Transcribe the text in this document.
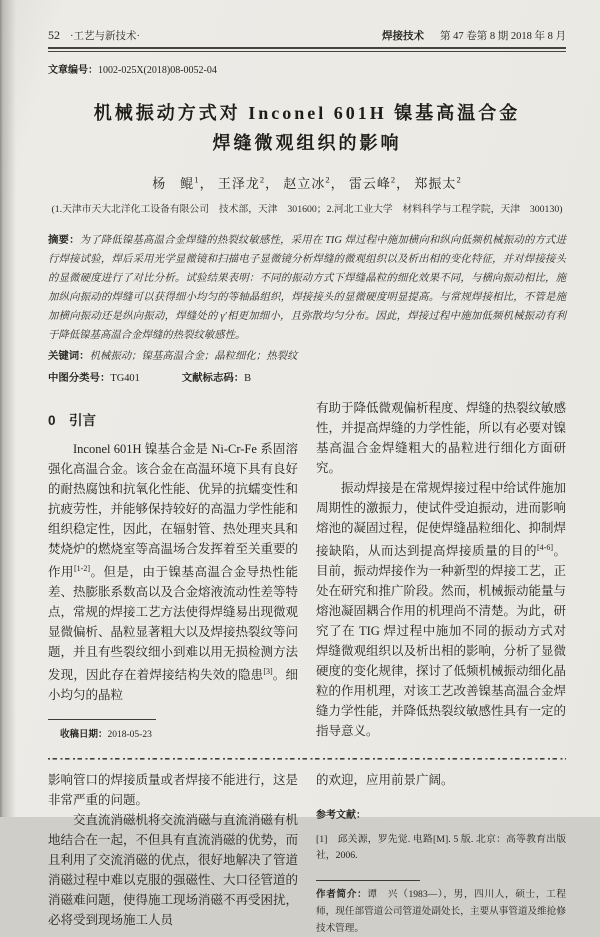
52 ·工艺与新技术·	焊接技术 第 47 卷第 8 期 2018 年 8 月
文章编号：1002-025X(2018)08-0052-04
机械振动方式对 Inconel 601H 镍基高温合金
焊缝微观组织的影响
杨　鲲$^1$， 王泽龙$^2$， 赵立冰$^2$， 雷云峰$^2$， 郑振太$^2$
(1.天津市天大北洋化工设备有限公司　技术部，天津　301600；2.河北工业大学　材料科学与工程学院，天津　300130)
摘要：为了降低镍基高温合金焊缝的热裂纹敏感性，采用在 TIG 焊过程中施加横向和纵向低频机械振动的方式进行焊接试验，焊后采用光学显微镜和扫描电子显微镜分析焊缝的微观组织以及析出相的变化特征，并对焊接接头的显微硬度进行了对比分析。试验结果表明：不同的振动方式下焊缝晶粒的细化效果不同，与横向振动相比，施加纵向振动的焊缝可以获得细小均匀的等轴晶组织，焊接接头的显微硬度明显提高。与常规焊接相比，不管是施加横向振动还是纵向振动，焊缝处的 γ′相更加细小，且弥散均匀分布。因此，焊接过程中施加低频机械振动有利于降低镍基高温合金焊缝的热裂纹敏感性。
关键词：机械振动；镍基高温合金；晶粒细化；热裂纹
中图分类号：TG401	文献标志码：B
0　引言

Inconel 601H 镍基合金是 Ni-Cr-Fe 系固溶强化高温合金。该合金在高温环境下具有良好的耐热腐蚀和抗氧化性能、优异的抗蠕变性和抗疲劳性，并能够保持较好的高温力学性能和组织稳定性，因此，在辐射管、热处理夹具和焚烧炉的燃烧室等高温场合发挥着至关重要的作用[1-2]。但是，由于镍基高温合金导热性能差、热膨胀系数高以及合金熔液流动性差等特点，常规的焊接工艺方法使得焊缝易出现微观显微偏析、晶粒显著粗大以及焊接热裂纹等问题，并且有些裂纹细小到难以用无损检测方法发现，因此存在着焊接结构失效的隐患[3]。细小均匀的晶粒

收稿日期：2018-05-23

有助于降低微观偏析程度、焊缝的热裂纹敏感性，并提高焊缝的力学性能，所以有必要对镍基高温合金焊缝粗大的晶粒进行细化方面研究。

振动焊接是在常规焊接过程中给试件施加周期性的激振力，使试件受迫振动，进而影响熔池的凝固过程，促使焊缝晶粒细化、抑制焊接缺陷，从而达到提高焊接质量的目的[4-6]。目前，振动焊接作为一种新型的焊接工艺，正处在研究和推广阶段。然而，机械振动能量与熔池凝固耦合作用的机理尚不清楚。为此，研究了在 TIG 焊过程中施加不同的振动方式对焊缝微观组织以及析出相的影响，分析了显微硬度的变化规律，探讨了低频机械振动细化晶粒的作用机理，对该工艺改善镍基高温合金焊缝力学性能，并降低热裂纹敏感性具有一定的指导意义。

影响管口的焊接质量或者焊接不能进行，这是非常严重的问题。

交直流消磁机将交流消磁与直流消磁有机地结合在一起，不但具有直流消磁的优势，而且利用了交流消磁的优点，很好地解决了管道消磁过程中难以克服的强磁性、大口径管道的消磁难问题，使得施工现场消磁不再受困扰，必将受到现场施工人员

的欢迎，应用前景广阔。

参考文献：
[1]　邱关源，罗先觉. 电路[M]. 5 版. 北京：高等教育出版社，2006.
作者简介：谭　兴（1983—），男，四川人，硕士，工程师，现任部管道公司管道处副处长，主要从事管道及维抢修技术管理。
